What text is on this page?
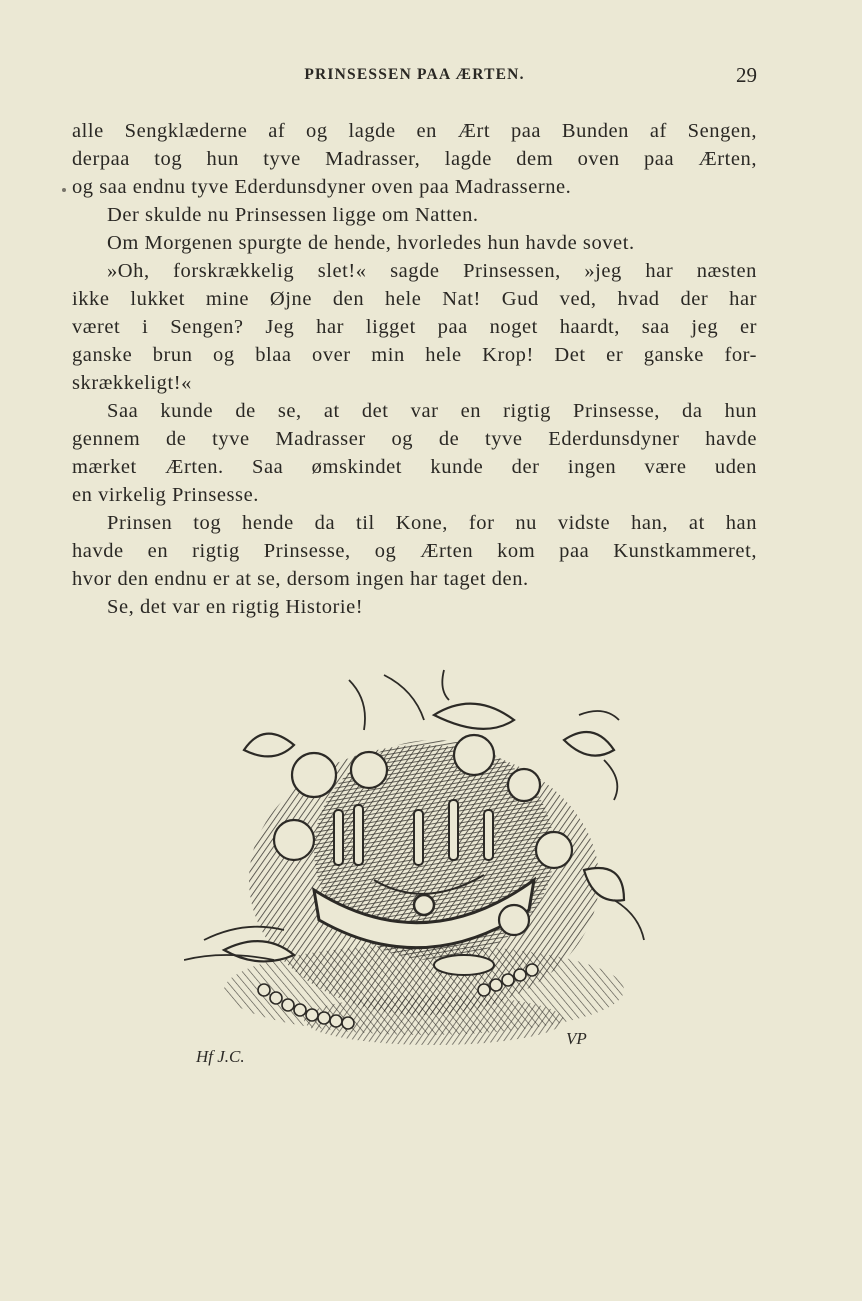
PRINSESSEN PAA ÆRTEN.	29
alle Sengklæderne af og lagde en Ært paa Bunden af Sengen,
derpaa tog hun tyve Madrasser, lagde dem oven paa Ærten,
og saa endnu tyve Ederdunsdyner oven paa Madrasserne.
Der skulde nu Prinsessen ligge om Natten.
Om Morgenen spurgte de hende, hvorledes hun havde sovet.
»Oh, forskrækkelig slet!« sagde Prinsessen, »jeg har næsten
ikke lukket mine Øjne den hele Nat! Gud ved, hvad der har
været i Sengen? Jeg har ligget paa noget haardt, saa jeg er
ganske brun og blaa over min hele Krop! Det er ganske for-
skrækkeligt!«
Saa kunde de se, at det var en rigtig Prinsesse, da hun
gennem de tyve Madrasser og de tyve Ederdunsdyner havde
mærket Ærten. Saa ømskindet kunde der ingen være uden
en virkelig Prinsesse.
Prinsen tog hende da til Kone, for nu vidste han, at han
havde en rigtig Prinsesse, og Ærten kom paa Kunstkammeret,
hvor den endnu er at se, dersom ingen har taget den.
Se, det var en rigtig Historie!
Hf J.C.
VP
